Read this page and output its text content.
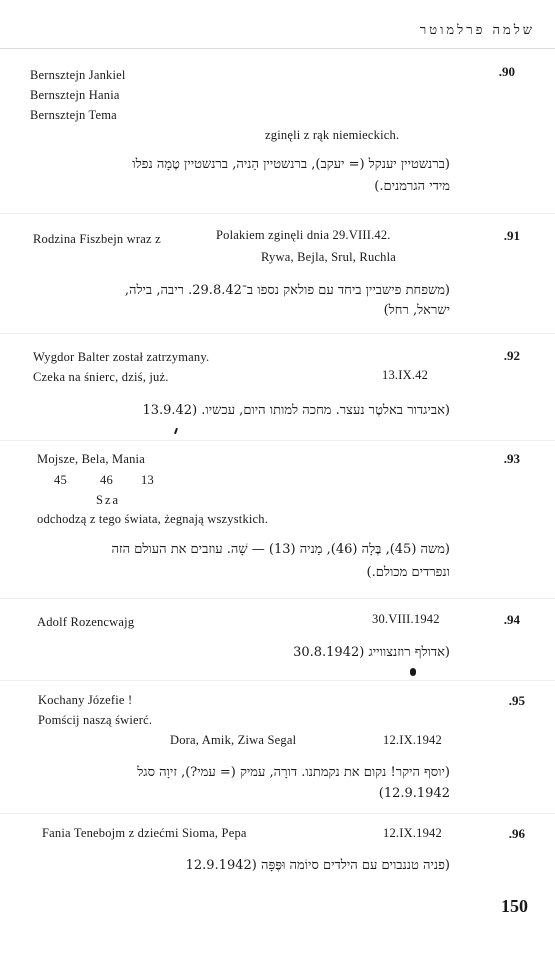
שלמה פרלמוטר
.90
Bernsztejn Jankiel
Bernsztejn Hania
Bernsztejn Tema
zginęli z rąk niemieckich.
(ברנשטיין יענקל (= יעקב), ברנשטיין הַניה, ברנשטיין טֶמָה נפלו
מידי הגרמנים.)
.91
Rodzina Fiszbejn wraz z	Polakiem zginęli dnia 29.VIII.42.
Rywa, Bejla, Srul, Ruchla
(משפחת פישביין ביחד עם פולאק נספו ב־29.8.42. ריבה, בילה,
ישראל, רחל)
.92
Wygdor Balter został zatrzymany.
Czeka na śnierc, dziś, już.	13.IX.42
(אביגדור באלטֶר נעצר. מחכה למותו היום, עכשיו. (13.9.42
.93
Mojsze, Bela, Mania
45	46 13
Sza
odchodzą z tego świata, żegnają wszystkich.
(משה (45), בֶּלָה (46), מַניה (13) — שָׁה. עוזבים את העולם הזה
ונפרדים מכולם.)
.94
Adolf Rozencwajg	30.VIII.1942
(אדולף רוזנצווייג (30.8.1942
.95
Kochany Józefie !
Pomścij naszą świerć.
Dora, Amik, Ziwa Segal	12.IX.1942
(יוסף היקר! נקום את נקמתנו. דורָה, עמיק (= עמי?), זיוָה סגל
(12.9.1942
.96
Fania Tenebojm z dziećmi Sioma, Pepa	12.IX.1942
(פניה טננבוים עם הילדים סיוֹמה וּפֶּפָּה (12.9.1942
150
